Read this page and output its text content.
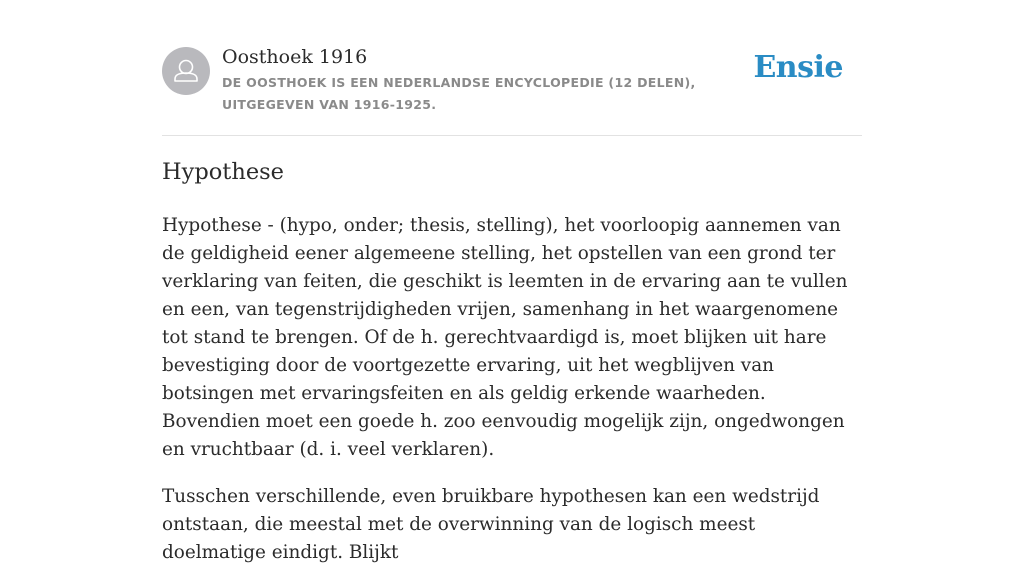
Oosthoek 1916
DE OOSTHOEK IS EEN NEDERLANDSE ENCYCLOPEDIE (12 DELEN), UITGEGEVEN VAN 1916-1925.
Ensie
Hypothese

Hypothese - (hypo, onder; thesis, stelling), het voorloopig aannemen van de geldigheid eener algemeene stelling, het opstellen van een grond ter verklaring van feiten, die geschikt is leemten in de ervaring aan te vullen en een, van tegenstrijdigheden vrijen, samenhang in het waargenomene tot stand te brengen. Of de h. gerechtvaardigd is, moet blijken uit hare bevestiging door de voortgezette ervaring, uit het wegblijven van botsingen met ervaringsfeiten en als geldig erkende waarheden. Bovendien moet een goede h. zoo eenvoudig mogelijk zijn, ongedwongen en vruchtbaar (d. i. veel verklaren).

Tusschen verschillende, even bruikbare hypothesen kan een wedstrijd ontstaan, die meestal met de overwinning van de logisch meest doelmatige eindigt. Blijkt
